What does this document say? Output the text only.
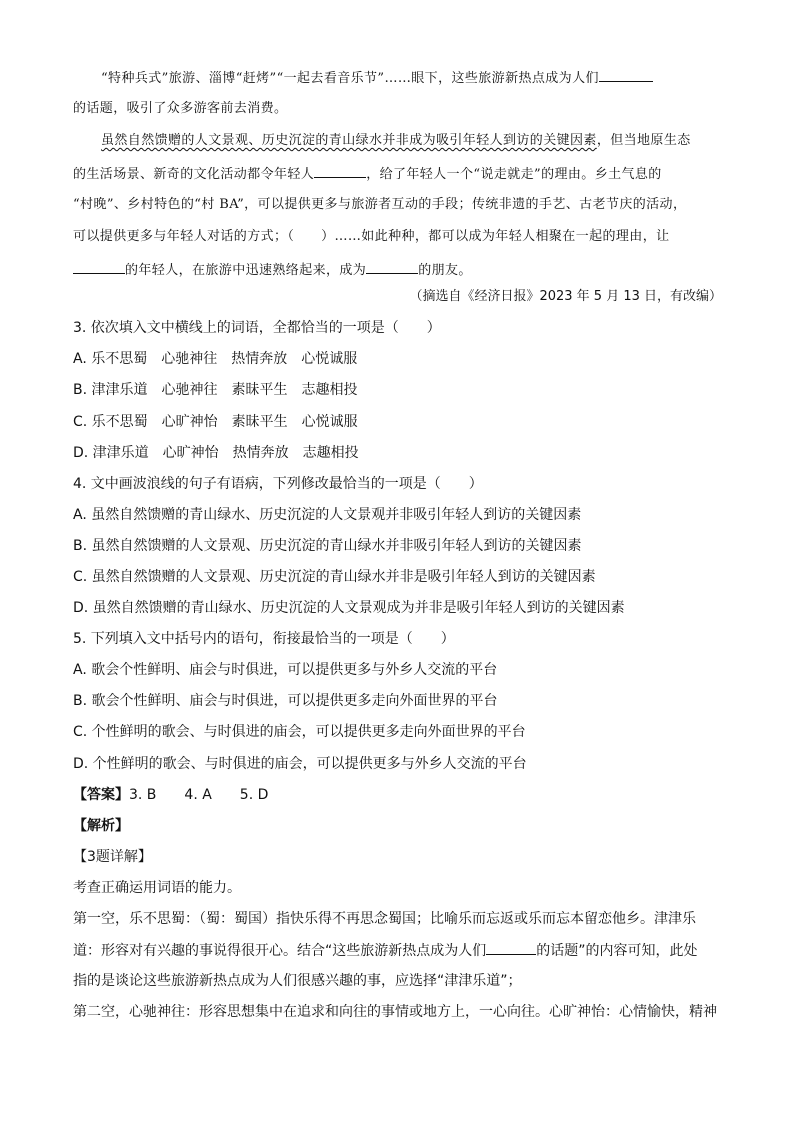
“特种兵式”旅游、淄博“赶烤”“一起去看音乐节”……眼下，这些旅游新热点成为人们
的话题，吸引了众多游客前去消费。
虽然自然馈赠的人文景观、历史沉淀的青山绿水并非成为吸引年轻人到访的关键因素，但当地原生态
的生活场景、新奇的文化活动都令年轻人	，给了年轻人一个“说走就走”的理由。乡土气息的
“村晚”、乡村特色的“村 BA”，可以提供更多与旅游者互动的手段；传统非遗的手艺、古老节庆的活动，
可以提供更多与年轻人对话的方式；（　　）……如此种种，都可以成为年轻人相聚在一起的理由，让
的年轻人，在旅游中迅速熟络起来，成为	的朋友。
（摘选自《经济日报》2023 年 5 月 13 日，有改编）
3. 依次填入文中横线上的词语，全都恰当的一项是（　　）
A. 乐不思蜀　心驰神往　热情奔放　心悦诚服
B. 津津乐道　心驰神往　素昧平生　志趣相投
C. 乐不思蜀　心旷神怡　素昧平生　心悦诚服
D. 津津乐道　心旷神怡　热情奔放　志趣相投
4. 文中画波浪线的句子有语病，下列修改最恰当的一项是（　　）
A. 虽然自然馈赠的青山绿水、历史沉淀的人文景观并非吸引年轻人到访的关键因素
B. 虽然自然馈赠的人文景观、历史沉淀的青山绿水并非吸引年轻人到访的关键因素
C. 虽然自然馈赠的人文景观、历史沉淀的青山绿水并非是吸引年轻人到访的关键因素
D. 虽然自然馈赠的青山绿水、历史沉淀的人文景观成为并非是吸引年轻人到访的关键因素
5. 下列填入文中括号内的语句，衔接最恰当的一项是（　　）
A. 歌会个性鲜明、庙会与时俱进，可以提供更多与外乡人交流的平台
B. 歌会个性鲜明、庙会与时俱进，可以提供更多走向外面世界的平台
C. 个性鲜明的歌会、与时俱进的庙会，可以提供更多走向外面世界的平台
D. 个性鲜明的歌会、与时俱进的庙会，可以提供更多与外乡人交流的平台
【答案】3. B　　4. A　　5. D
【解析】
【3题详解】
考查正确运用词语的能力。
第一空，乐不思蜀：（蜀：蜀国）指快乐得不再思念蜀国；比喻乐而忘返或乐而忘本留恋他乡。津津乐
道：形容对有兴趣的事说得很开心。结合“这些旅游新热点成为人们	的话题”的内容可知，此处
指的是谈论这些旅游新热点成为人们很感兴趣的事，应选择“津津乐道”；
第二空，心驰神往：形容思想集中在追求和向往的事情或地方上，一心向往。心旷神怡：心情愉快，精神
